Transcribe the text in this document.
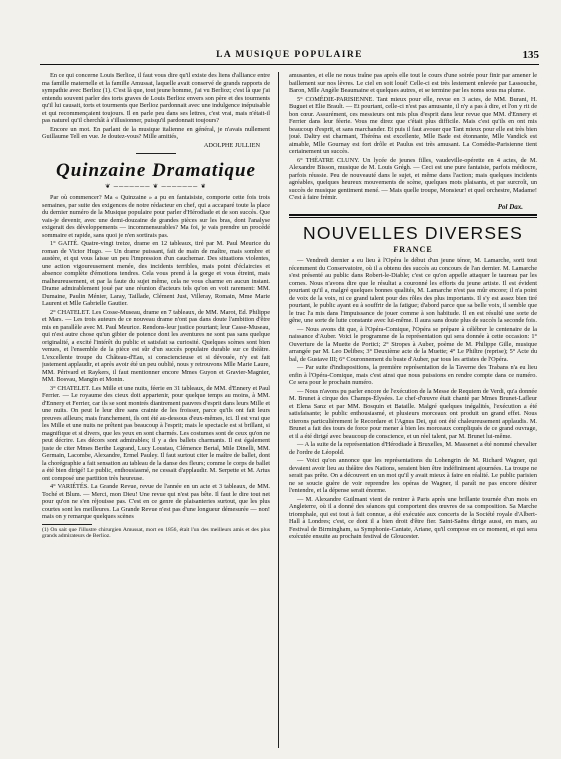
LA MUSIQUE POPULAIRE	135

En ce qui concerne Louis Berlioz, il faut vous dire qu'il existe des liens d'alliance entre ma famille maternelle et la famille Amussat, laquelle avait conservé de grands rapports de sympathie avec Berlioz (1). C'est là que, tout jeune homme, j'ai vu Berlioz; c'est là que j'ai entendu souvent parler des torts graves de Louis Berlioz envers son père et des tourments qu'il lui causait, torts et tourments que Berlioz pardonnait avec une indulgence inépuisable et qui recommençaient toujours. Il en parle peu dans ses lettres, c'est vrai, mais n'était-il pas naturel qu'il cherchât à s'illusionner, puisqu'il pardonnait toujours?

Encore un mot. En parlant de la musique italienne en général, je n'avais nullement Guillaume Tell en vue. Je doutez-vous? Mille amitiés,

ADOLPHE JULLIEN
Quinzaine Dramatique
❦ ─────── ❦ ─────── ❦

Par où commencer? Ma « Quinzaine » a pu en fantaisiste, comporte cette fois trois semaines, par suite des exigences de notre rédacteur en chef, qui a accaparé toute la place du dernier numéro de la Musique populaire pour parler d'Hérodiade et de son succès. Que vais-je devenir, avec une demi-douzaine de grandes pièces sur les bras, dont l'analyse exigerait des développements — incommensurables? Ma foi, je vais prendre un procédé sommaire et rapide, sans quoi je n'en sortirais pas.

1° GAITÉ. Quatre-vingt treize, drame en 12 tableaux, tiré par M. Paul Meurice du roman de Victor Hugo. — Un drame puissant, fait de main de maître, mais sombre et austère, et qui vous laisse un peu l'impression d'un cauchemar. Des situations violentes, une action vigoureusement menée, des incidents terribles, mais point d'éclaircies et absence complète d'émotions tendres. Cela vous prend à la gorge et vous étreint, mais malheureusement, et par la faute du sujet même, cela ne vous charme en aucun instant. Drame admirablement joué par une réunion d'acteurs tels qu'on en voit rarement: MM. Dumaine, Paulin Ménier, Laray, Taillade, Clément Just, Villeray, Romain, Mme Marie Laurent et Mlle Gabrielle Gautier.

2° CHATELET. Les Cosse-Museau, drame en 7 tableaux, de MM. Marot, Ed. Philippe et Mars. — Les trois auteurs de ce nouveau drame n'ont pas dans doute l'ambition d'être mis en parallèle avec M. Paul Meurice. Rendons-leur justice pourtant; leur Casse-Museau, qui n'est autre chose qu'un gibier de potence dont les aventures ne sont pas sans quelque originalité, a excité l'intérêt du public et satisfait sa curiosité. Quelques scènes sont bien venues, et l'ensemble de la pièce est sûr d'un succès populaire durable sur ce théâtre. L'excellente troupe du Château-d'Eau, si consciencieuse et si dévouée, n'y est fait justement applaudir, et après avoir été un peu oublié, nous y retrouvons Mlle Marie Laure, MM. Périvard et Raykers, il faut mentionner encore Mmes Guyon et Gravier-Magnier, MM. Bosvau, Mangin et Monin.

3° CHATELET. Les Mille et une nuits, féerie en 31 tableaux, de MM. d'Ennery et Paul Ferrier. — Le royaume des cieux doit appartenir, pour quelque temps au moins, à MM. d'Ennery et Ferrier, car ils se sont montrés diantrement pauvres d'esprit dans leurs Mille et une nuits. On peut le leur dire sans crainte de les froisser, parce qu'ils ont fait leurs preuves ailleurs; mais franchement, ils ont été au-dessous d'eux-mêmes, ici. Il est vrai que les Mille et une nuits ne prêtent pas beaucoup à l'esprit; mais le spectacle est si brillant, si magnifique et si divers, que les yeux en sont charmés. Les costumes sont de ceux qu'on ne peut décrire. Les décors sont admirables; il y a des ballets charmants. Il est également juste de citer Mmes Berthe Legrand, Lucy Loustau, Clémence Bertal, Mile Dinelli, MM. Germain, Lacombe, Alexandre, Ermel Pauley. Il faut surtout citer le maître de ballet, dont la chorégraphie a fait sensation au tableau de la danse des fleurs; comme le corps de ballet a été bien dirigé! Le public, enthousiasmé, ne cessait d'applaudir. M. Serpette et M. Artus ont composé une partition très heureuse.

4° VARIÉTÉS. La Grande Revue, revue de l'année en un acte et 3 tableaux, de MM. Toché et Blum. — Merci, mon Dieu! Une revue qui n'est pas bête. Il faut le dire tout net pour qu'on ne s'en réjouisse pas. C'est en ce genre de plaisanteries surtout, que les plus courtes sont les meilleures. La Grande Revue n'est pas d'une longueur démesurée — non! mais on y remarque quelques scènes

(1) On sait que l'illustre chirurgien Amussat, mort en 1856, était l'un des meilleurs amis et des plus grands admirateurs de Berlioz.

amusantes, et elle ne nous traîne pas après elle tout le cours d'une soirée pour finir par amener le baillement sur nos lèvres. Le ciel en soit loué! Celle-ci est très lestement enlevée par Lassouche, Baron, Mlle Angèle Beaumaine et quelques autres, et se termine par les noms sous ma plume.

5° COMÉDIE-PARISIENNE. Tant mieux pour elle, revue en 3 actes, de MM. Burani, H. Buguet et Elie Brault. — Et pourtant, celle-ci n'est pas amusante, il n'y a pas à dire, et l'on y rit de bon cœur. Assurément, ces messieurs ont mis plus d'esprit dans leur revue que MM. d'Ennery et Ferrier dans leur féerie. Vous me direz que c'était plus difficile. Mais c'est qu'ils en ont mis beaucoup d'esprit, et sans marchander. Et puis il faut avouer que Tant mieux pour elle est très bien joué. Daltry est charmant, Théréna est excellente, Mlle Bade est étonnante, Mlle Vandick est aimable, Mlle Gournay est fort drôle et Paulus est très amusant. La Comédie-Parisienne tient certainement un succès.

6° THÉATRE CLUNY. Un lycée de jeunes filles, vaudeville-opérette en 4 actes, de M. Alexandre Bisson, musique de M. Louis Grégh. — Ceci est une pure fantaisie, parfois médiocre, parfois réussie. Peu de nouveauté dans le sujet, et même dans l'action; mais quelques incidents agréables, quelques heureux mouvements de scène, quelques mots plaisants, et par surcroît, un succès de musique gentiment mené. — Mais quelle troupe, Monsieur! et quel orchestre, Madame! C'est à faire frémir.

Pol Dax.
NOUVELLES DIVERSES
FRANCE

— Vendredi dernier a eu lieu à l'Opéra le début d'un jeune ténor, M. Lamarche, sorti tout récemment du Conservatoire, où il a obtenu des succès au concours de l'an dernier. M. Lamarche s'est présenté au public dans Robert-le-Diable; c'est ce qu'on appelle attaquer le taureau par les cornes. Nous n'avons dire que le résultat a couronné les efforts du jeune artiste. Il est évident pourtant qu'il a, malgré quelques bonnes qualités, M. Lamarche n'est pas mûr encore; il n'a point de voix de la voix, ni ce grand talent pour des rôles des plus importants. Il s'y est assez bien tiré pourtant, le public ayant eu à souffrir de la fatigue; d'abord parce que sa belle voix, il semble que le trac l'a mis dans l'impuissance de jouer comme à son habitude. Il en est résulté une sorte de gêne, une sorte de lutte constante avec lui-même. Il aura sans doute plus de succès la seconde fois.

— Nous avons dit que, à l'Opéra-Comique, l'Opéra se prépare à célébrer le centenaire de la naissance d'Auber. Voici le programme de la représentation qui sera donnée à cette occasion: 1° Ouverture de la Muette de Portici; 2° Stropes à Auber, poème de M. Philippe Gille, musique arrangée par M. Leo Delibes; 3° Deuxième acte de la Muette; 4° Le Philtre (reprise); 5° Acte du bal, de Gustave III; 6° Couronnement du buste d'Auber, par tous les artistes de l'Opéra.

— Par suite d'indispositions, la première représentation de la Taverne des Trabans n'a eu lieu enfin à l'Opéra-Comique, mais c'est ainsi que nous puissions en rendre compte dans ce numéro. Ce sera pour le prochain numéro.

— Nous n'avons pu parler encore de l'exécution de la Messe de Requiem de Verdi, qu'a donnée M. Brunet à cirque des Champs-Élysées. Le chef-d'œuvre était chanté par Mmes Brunet-Lafleur et Elena Sanz et par MM. Bosquin et Bataille. Malgré quelques inégalités, l'exécution a été satisfaisante; le public enthousiasmé, et plusieurs morceaux ont produit un grand effet. Nous citerons particulièrement le Recordare et l'Agnus Dei, qui ont été chaleureusement applaudis. M. Brunet a fait des tours de force pour mener à bien les morceaux compliqués de ce grand ouvrage, et il a été dirigé avec beaucoup de conscience, et un réel talent, par M. Brunet lui-même.

— A la suite de la représentation d'Hérodiade à Bruxelles, M. Massenet a été nommé chevalier de l'ordre de Léopold.

— Voici qu'on annonce que les représentations du Lohengrin de M. Richard Wagner, qui devaient avoir lieu au théâtre des Nations, seraient bien être indéfiniment ajournées. La troupe ne serait pas prête. On a découvert en un mot qu'il y avait mieux à faire en réalité. Le public parisien ne se soucie guère de voir reprendre les opéras de Wagner, il paraît ne pas encore désirer l'entendre, et la dépense serait énorme.

— M. Alexandre Guilmant vient de rentrer à Paris après une brillante tournée d'un mois en Angleterre, où il a donné des séances qui comportent des œuvres de sa composition. Sa Marche triomphale, qui est tout à fait connue, a été exécutée aux concerts de la Société royale d'Albert-Hall à Londres; c'est, ce dont il a bien droit d'être fier. Saint-Saëns dirige aussi, en mars, au Festival de Birmingham, sa Symphonie-Cantate, Ariane, qu'il compose en ce moment, et qui sera exécutée ensuite au prochain festival de Gloucester.
